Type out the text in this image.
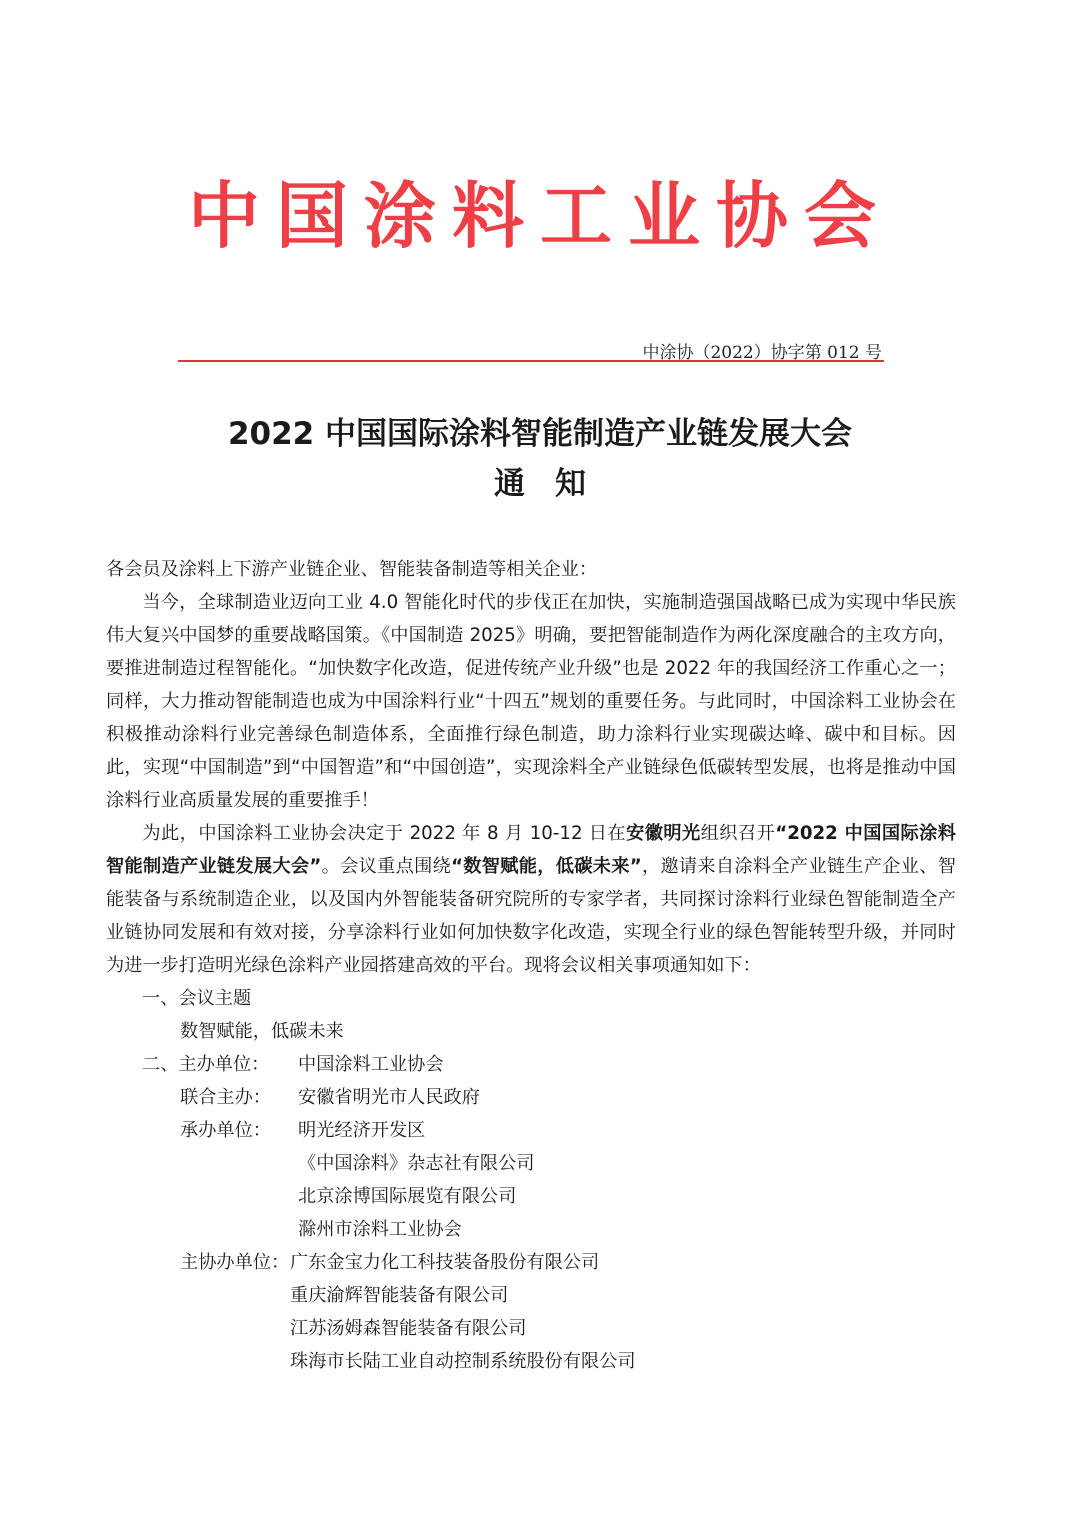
中国涂料工业协会
中涂协（2022）协字第 012 号
2022 中国国际涂料智能制造产业链发展大会
通知

各会员及涂料上下游产业链企业、智能装备制造等相关企业：

当今，全球制造业迈向工业 4.0 智能化时代的步伐正在加快，实施制造强国战略已成为实现中华民族伟大复兴中国梦的重要战略国策。《中国制造 2025》明确，要把智能制造作为两化深度融合的主攻方向，要推进制造过程智能化。“加快数字化改造，促进传统产业升级”也是 2022 年的我国经济工作重心之一；同样，大力推动智能制造也成为中国涂料行业“十四五”规划的重要任务。与此同时，中国涂料工业协会在积极推动涂料行业完善绿色制造体系，全面推行绿色制造，助力涂料行业实现碳达峰、碳中和目标。因此，实现“中国制造”到“中国智造”和“中国创造”，实现涂料全产业链绿色低碳转型发展，也将是推动中国涂料行业高质量发展的重要推手！

为此，中国涂料工业协会决定于 2022 年 8 月 10-12 日在安徽明光组织召开“2022 中国国际涂料智能制造产业链发展大会”。会议重点围绕“数智赋能，低碳未来”，邀请来自涂料全产业链生产企业、智能装备与系统制造企业，以及国内外智能装备研究院所的专家学者，共同探讨涂料行业绿色智能制造全产业链协同发展和有效对接，分享涂料行业如何加快数字化改造，实现全行业的绿色智能转型升级，并同时为进一步打造明光绿色涂料产业园搭建高效的平台。现将会议相关事项通知如下：

一、会议主题

数智赋能，低碳未来

二、主办单位：	中国涂料工业协会
联合主办：	安徽省明光市人民政府
承办单位：	明光经济开发区
《中国涂料》杂志社有限公司
北京涂博国际展览有限公司
滁州市涂料工业协会
主协办单位： 广东金宝力化工科技装备股份有限公司
重庆渝辉智能装备有限公司
江苏汤姆森智能装备有限公司
珠海市长陆工业自动控制系统股份有限公司
